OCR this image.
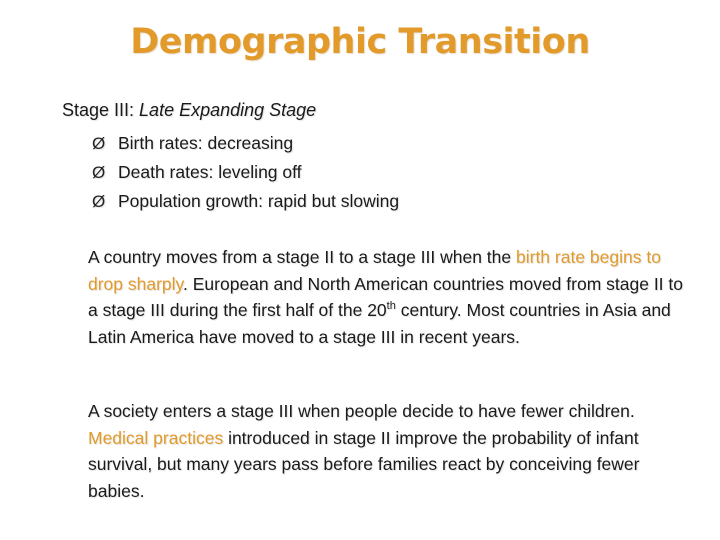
Demographic Transition
Stage III: Late Expanding Stage
Ø Birth rates: decreasing
Ø Death rates: leveling off
Ø Population growth: rapid but slowing

A country moves from a stage II to a stage III when the birth rate begins to drop sharply. European and North American countries moved from stage II to a stage III during the first half of the 20th century. Most countries in Asia and Latin America have moved to a stage III in recent years.

A society enters a stage III when people decide to have fewer children. Medical practices introduced in stage II improve the probability of infant survival, but many years pass before families react by conceiving fewer babies.
